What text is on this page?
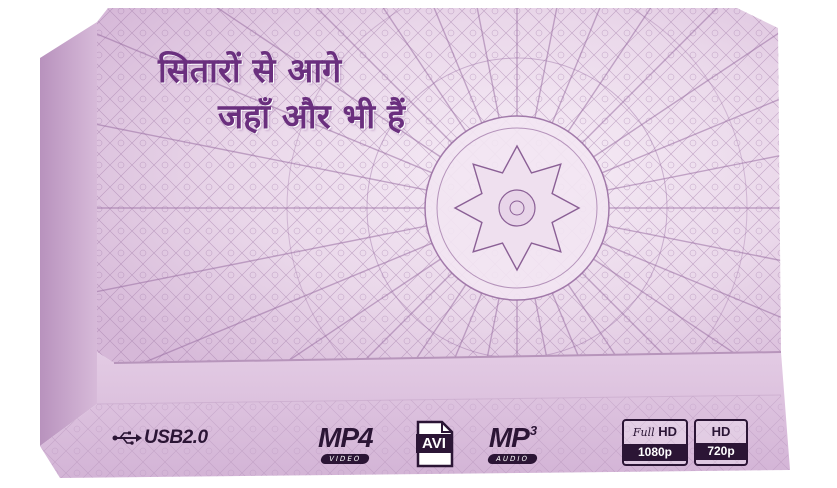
सितारों से आगे
जहाँ और भी हैं
USB2.0	MP4
VIDEO
AVI $MP^3$
AUDIO
Full HD
1080p
HD
720p
